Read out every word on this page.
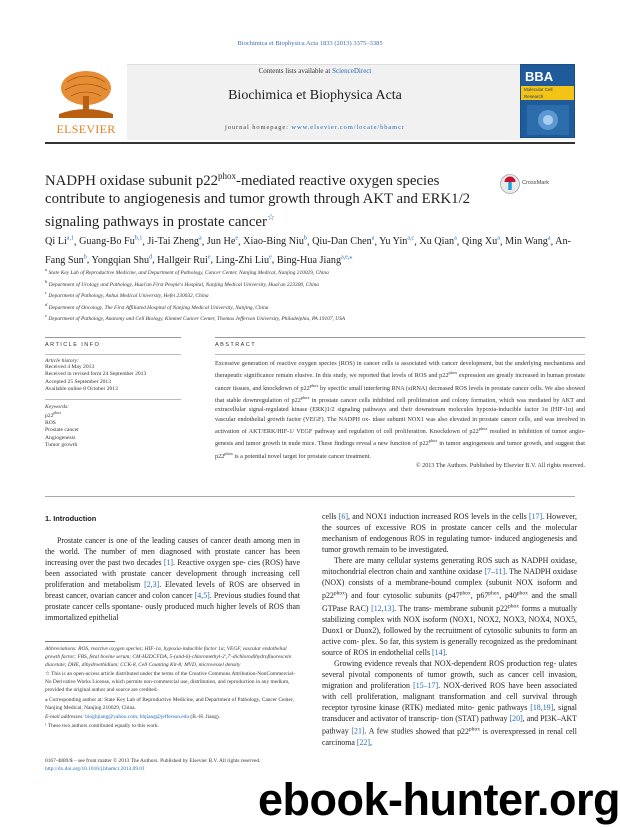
Biochimica et Biophysica Acta 1833 (2013) 3375–3385
ELSEVIER
Contents lists available at ScienceDirect
Biochimica et Biophysica Acta
journal homepage: www.elsevier.com/locate/bbamcr
BBA
Molecular Cell
Research
NADPH oxidase subunit $p22^{phox}$-mediated reactive oxygen species contribute to angiogenesis and tumor growth through AKT and ERK1/2 signaling pathways in prostate cancer☆
CrossMark
Qi Li$^{a,1}$, Guang-Bo Fu$^{b,1}$, Ji-Tai Zheng$^a$, Jun He$^e$, Xiao-Bing Niu$^b$, Qiu-Dan Chen$^a$, Yu Yin$^{a,c}$, Xu Qian$^a$, Qing Xu$^a$, Min Wang$^a$, An-Fang Sun$^b$, Yongqian Shu$^d$, Hallgeir Rui$^e$, Ling-Zhi Liu$^e$, Bing-Hua Jiang$^{a,e,⁎}$
$^a$ State Key Lab of Reproductive Medicine, and Department of Pathology, Cancer Center, Nanjing Medical, Nanjing 210029, China
$^b$ Department of Urology and Pathology, Huai'an First People's Hospital, Nanjing Medical University, Huai'an 223300, China
$^c$ Department of Pathology, Anhui Medical University, Hefei 230032, China
$^d$ Department of Oncology, The First Affiliated Hospital of Nanjing Medical University, Nanjing, China
$^e$ Department of Pathology, Anatomy and Cell Biology, Kimmel Cancer Center, Thomas Jefferson University, Philadelphia, PA 19107, USA
ARTICLE INFO
Article history:
Received 4 May 2013
Received in revised form 24 September 2013
Accepted 25 September 2013
Available online 8 October 2013
Keywords:
$p22^{phox}$
ROS
Prostate cancer
Angiogenesis
Tumor growth
ABSTRACT

Excessive generation of reactive oxygen species (ROS) in cancer cells is associated with cancer development, but the underlying mechanisms and therapeutic significance remain elusive. In this study, we reported that levels of ROS and $p22^{phox}$ expression are greatly increased in human prostate cancer tissues, and knockdown of $p22^{phox}$ by specific small interfering RNA (siRNA) decreased ROS levels in prostate cancer cells. We also showed that stable downregulation of $p22^{phox}$ in prostate cancer cells inhibited cell proliferation and colony formation, which was mediated by AKT and extracellular signal-regulated kinase (ERK)1/2 signaling pathways and their downstream molecules hypoxia-inducible factor 1α (HIF-1α) and vascular endothelial growth factor (VEGF). The NADPH ox- idase subunit NOX1 was also elevated in prostate cancer cells, and was involved in activation of AKT/ERK/HIF-1/ VEGF pathway and regulation of cell proliferation. Knockdown of $p22^{phox}$ resulted in inhibition of tumor angio- genesis and tumor growth in nude mice. These findings reveal a new function of $p22^{phox}$ in tumor angiogenesis and tumor growth, and suggest that $p22^{phox}$ is a potential novel target for prostate cancer treatment.

© 2013 The Authors. Published by Elsevier B.V. All rights reserved.

1. Introduction

Prostate cancer is one of the leading causes of cancer death among men in the world. The number of men diagnosed with prostate cancer has been increasing over the past two decades [1]. Reactive oxygen spe- cies (ROS) have been associated with prostate cancer development through increasing cell proliferation and metabolism [2,3]. Elevated levels of ROS are observed in breast cancer, ovarian cancer and colon cancer [4,5]. Previous studies found that prostate cancer cells spontane- ously produced much higher levels of ROS than immortalized epithelial

cells [6], and NOX1 induction increased ROS levels in the cells [17]. However, the sources of excessive ROS in prostate cancer cells and the molecular mechanism of endogenous ROS in regulating tumor- induced angiogenesis and tumor growth remain to be investigated.

There are many cellular systems generating ROS such as NADPH oxidase, mitochondrial electron chain and xanthine oxidase [7–11]. The NADPH oxidase (NOX) consists of a membrane-bound complex (subunit NOX isoform and $p22^{phox}$) and four cytosolic subunits ($p47^{phox}$, $p67^{phox}$, $p40^{phox}$ and the small GTPase RAC) [12,13]. The trans- membrane subunit $p22^{phox}$ forms a mutually stabilizing complex with NOX isoform (NOX1, NOX2, NOX3, NOX4, NOX5, Duox1 or Duox2), followed by the recruitment of cytosolic subunits to form an active com- plex. So far, this system is generally recognized as the predominant source of ROS in endothelial cells [14].

Growing evidence reveals that NOX-dependent ROS production reg- ulates several pivotal components of tumor growth, such as cancer cell invasion, migration and proliferation [15–17]. NOX-derived ROS have been associated with cell proliferation, malignant transformation and cell survival through receptor tyrosine kinase (RTK) mediated mito- genic pathways [18,19], signal transducer and activator of transcrip- tion (STAT) pathway [20], and PI3K–AKT pathway [21]. A few studies showed that $p22^{phox}$ is overexpressed in renal cell carcinoma [22],

Abbreviations: ROS, reactive oxygen species; HIF-1α, hypoxia-inducible factor 1α; VEGF, vascular endothelial growth factor; FBS, fetal bovine serum; CM-H2DCFDA, 5-(and-6)-chloromethyl-2′,7′-dichlorodihydrofluorescein diacetate; DHE, dihydroethidium; CCK-8, Cell Counting Kit-8; MVD, microvessel density

☆ This is an open-access article distributed under the terms of the Creative Commons Attribution-NonCommercial-No Derivative Works License, which permits non-commercial use, distribution, and reproduction in any medium, provided the original author and source are credited.

⁎ Corresponding author at: State Key Lab of Reproductive Medicine, and Department of Pathology, Cancer Center, Nanjing Medical, Nanjing 210029, China.

E-mail addresses: binghjiang@yahoo.com, bhjiang@jefferson.edu (B.-H. Jiang).

¹ These two authors contributed equally to this work.

0167-4889/$ – see front matter © 2013 The Authors. Published by Elsevier B.V. All rights reserved.
http://dx.doi.org/10.1016/j.bbamcr.2013.09.01
ebook-hunter.org
